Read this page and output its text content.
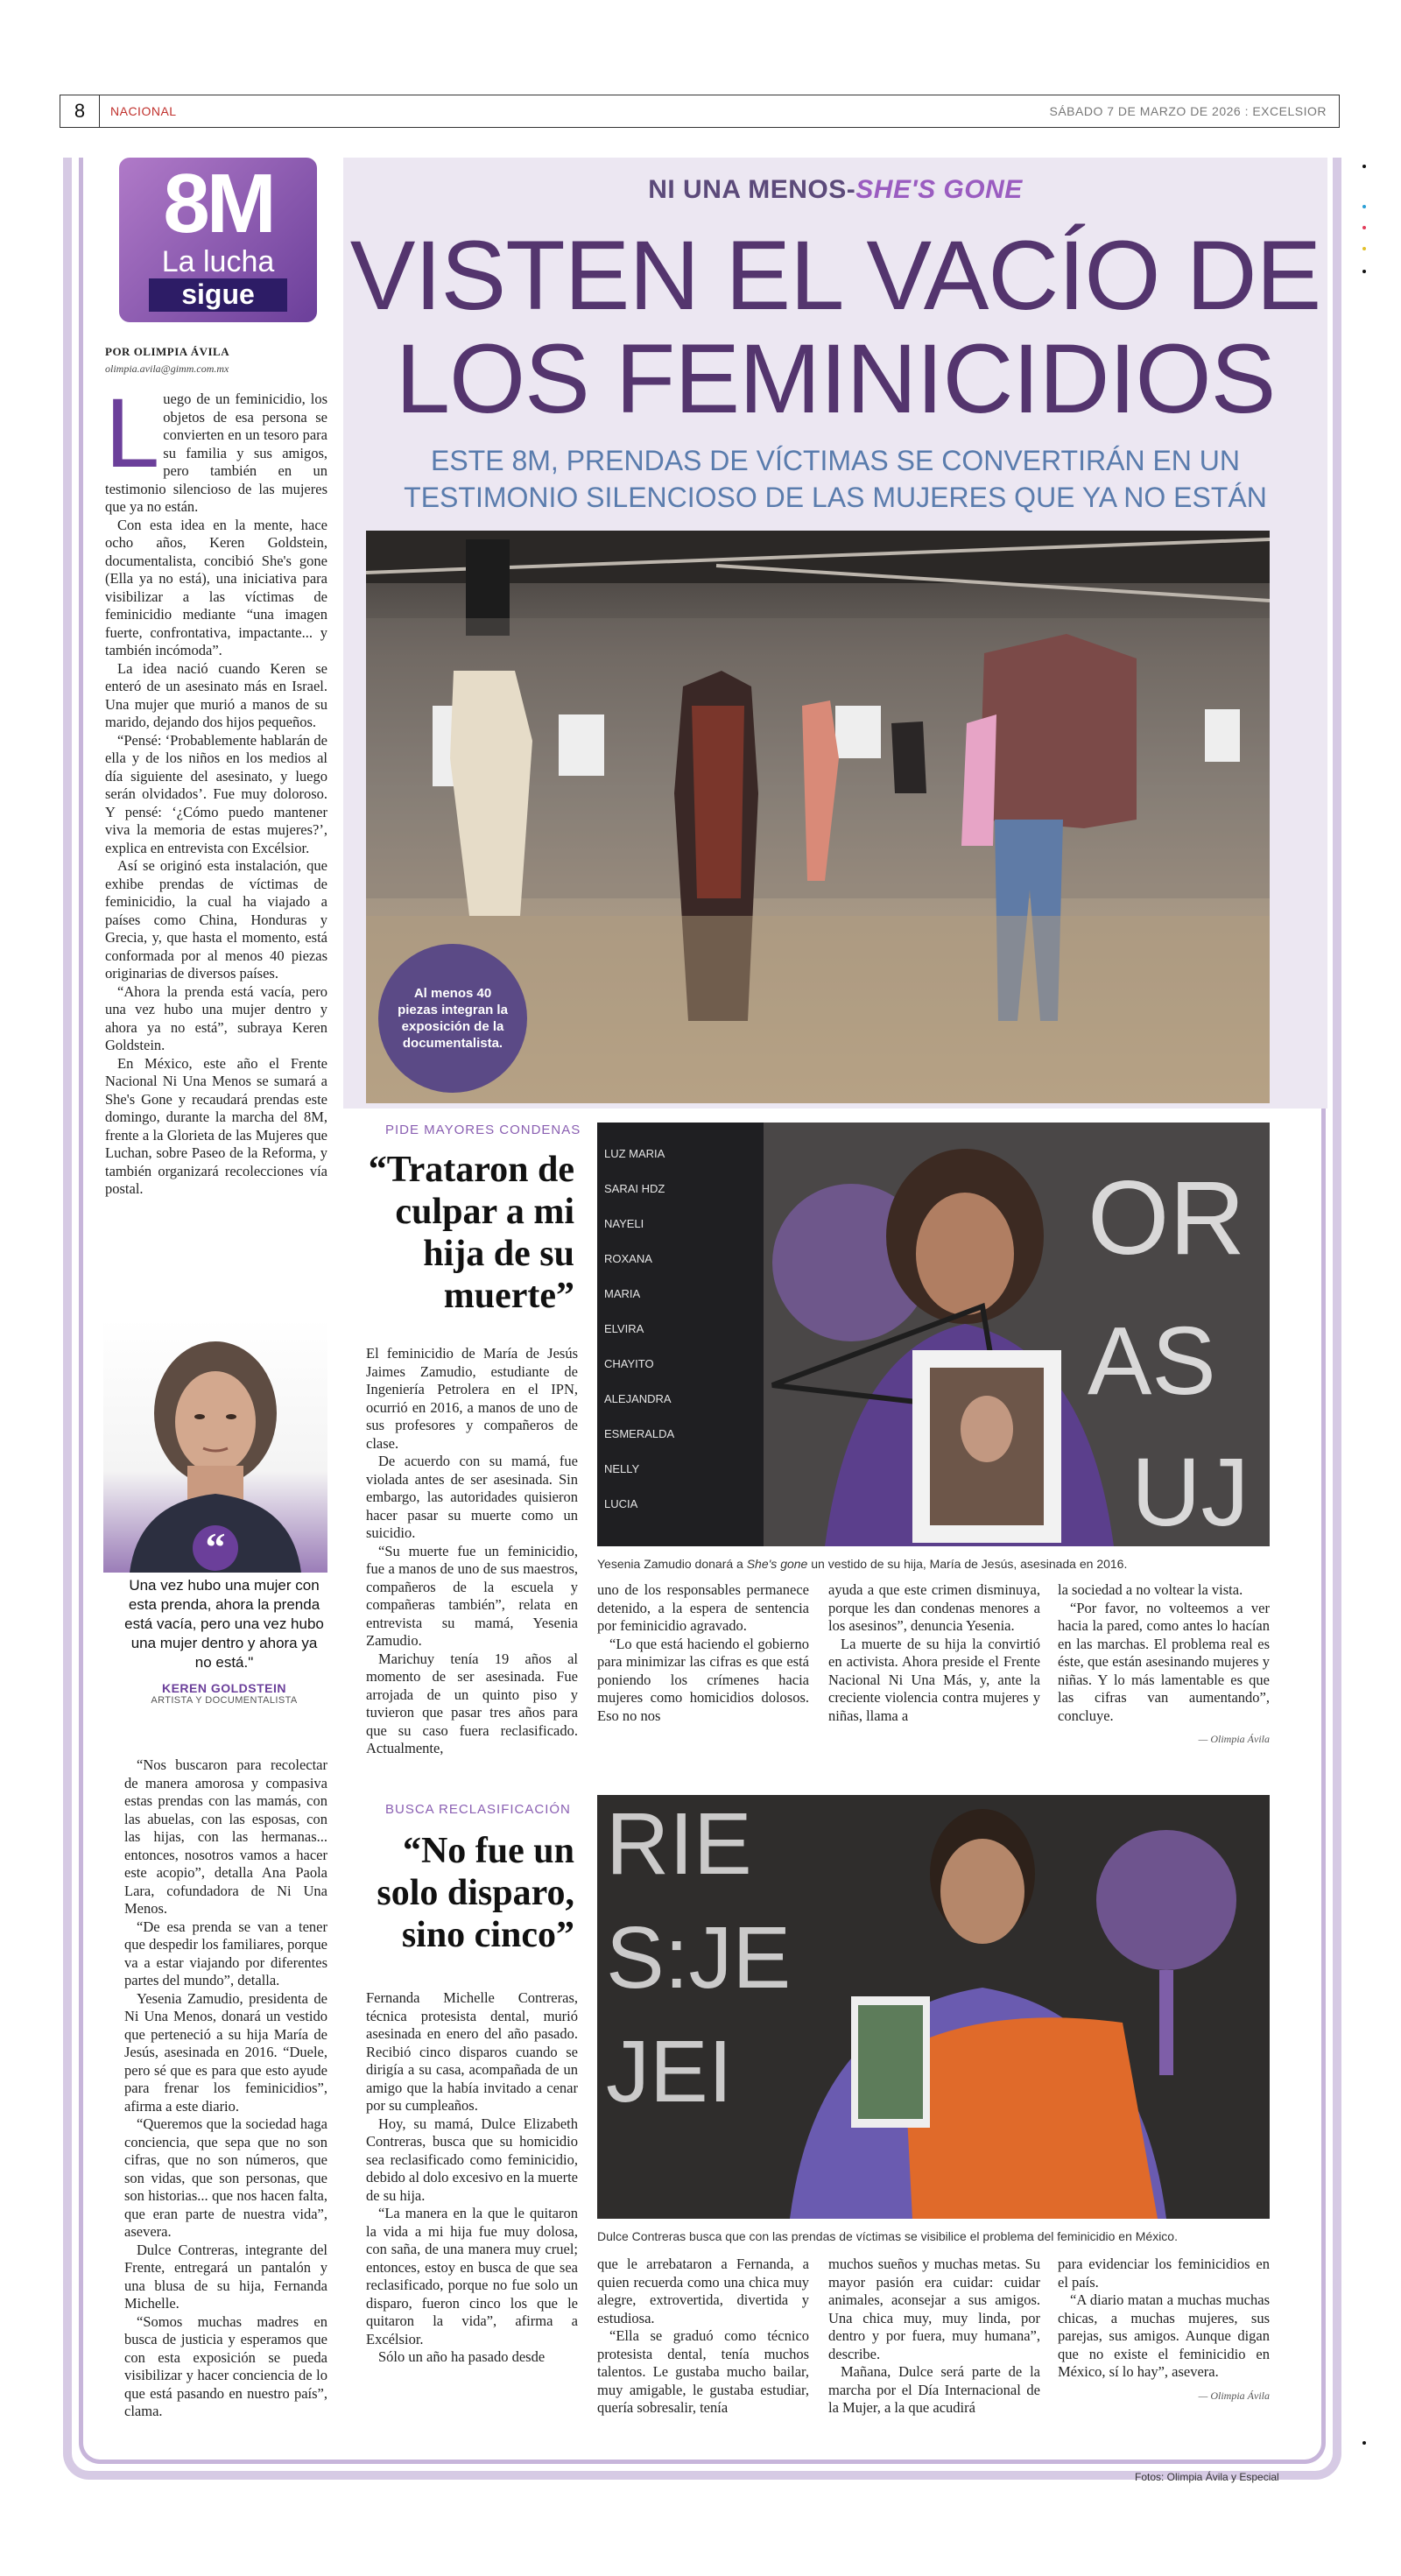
8	NACIONAL	SÁBADO 7 DE MARZO DE 2026 : EXCELSIOR
8M
La lucha
sigue
POR OLIMPIA ÁVILA
olimpia.avila@gimm.com.mx

Luego de un feminicidio, los objetos de esa persona se convierten en un tesoro para su familia y sus amigos, pero también en un testimonio silencioso de las mujeres que ya no están.

Con esta idea en la mente, hace ocho años, Keren Goldstein, documentalista, concibió She's gone (Ella ya no está), una iniciativa para visibilizar a las víctimas de feminicidio mediante “una imagen fuerte, confrontativa, impactante... y también incómoda”.

La idea nació cuando Keren se enteró de un asesinato más en Israel. Una mujer que murió a manos de su marido, dejando dos hijos pequeños.

“Pensé: ‘Probablemente hablarán de ella y de los niños en los medios al día siguiente del asesinato, y luego serán olvidados’. Fue muy doloroso. Y pensé: ‘¿Cómo puedo mantener viva la memoria de estas mujeres?’, explica en entrevista con Excélsior.

Así se originó esta instalación, que exhibe prendas de víctimas de feminicidio, la cual ha viajado a países como China, Honduras y Grecia, y, que hasta el momento, está conformada por al menos 40 piezas originarias de diversos países.

“Ahora la prenda está vacía, pero una vez hubo una mujer dentro y ahora ya no está”, subraya Keren Goldstein.

En México, este año el Frente Nacional Ni Una Menos se sumará a She's Gone y recaudará prendas este domingo, durante la marcha del 8M, frente a la Glorieta de las Mujeres que Luchan, sobre Paseo de la Reforma, y también organizará recolecciones vía postal.

“
Una vez hubo una mujer con esta prenda, ahora la prenda está vacía, pero una vez hubo una mujer dentro y ahora ya no está."
KEREN GOLDSTEIN
ARTISTA Y DOCUMENTALISTA

“Nos buscaron para recolectar de manera amorosa y compasiva estas prendas con las mamás, con las abuelas, con las esposas, con las hijas, con las hermanas... entonces, nosotros vamos a hacer este acopio”, detalla Ana Paola Lara, cofundadora de Ni Una Menos.

“De esa prenda se van a tener que despedir los familiares, porque va a estar viajando por diferentes partes del mundo”, detalla.

Yesenia Zamudio, presidenta de Ni Una Menos, donará un vestido que perteneció a su hija María de Jesús, asesinada en 2016. “Duele, pero sé que es para que esto ayude para frenar los feminicidios”, afirma a este diario.

“Queremos que la sociedad haga conciencia, que sepa que no son cifras, que no son números, que son vidas, que son personas, que son historias... que nos hacen falta, que eran parte de nuestra vida”, asevera.

Dulce Contreras, integrante del Frente, entregará un pantalón y una blusa de su hija, Fernanda Michelle.

“Somos muchas madres en busca de justicia y esperamos que con esta exposición se pueda visibilizar y hacer conciencia de lo que está pasando en nuestro país”, clama.

NI UNA MENOS-SHE'S GONE
VISTEN EL VACÍO DE
LOS FEMINICIDIOS
ESTE 8M, PRENDAS DE VÍCTIMAS SE CONVERTIRÁN EN UN
TESTIMONIO SILENCIOSO DE LAS MUJERES QUE YA NO ESTÁN
Al menos 40 piezas integran la exposición de la documentalista.
PIDE MAYORES CONDENAS
“Trataron de culpar a mi hija de su muerte”
LUZ MARIA
SARAI HDZ
NAYELI
ROXANA
MARIA
ELVIRA
CHAYITO
ALEJANDRA
ESMERALDA
NELLY
LUCIA
OR
AS
UJ
Yesenia Zamudio donará a She's gone un vestido de su hija, María de Jesús, asesinada en 2016.

El feminicidio de María de Jesús Jaimes Zamudio, estudiante de Ingeniería Petrolera en el IPN, ocurrió en 2016, a manos de uno de sus profesores y compañeros de clase.

De acuerdo con su mamá, fue violada antes de ser asesinada. Sin embargo, las autoridades quisieron hacer pasar su muerte como un suicidio.

“Su muerte fue un feminicidio, fue a manos de uno de sus maestros, compañeros de la escuela y compañeras también”, relata en entrevista su mamá, Yesenia Zamudio.

Marichuy tenía 19 años al momento de ser asesinada. Fue arrojada de un quinto piso y tuvieron que pasar tres años para que su caso fuera reclasificado. Actualmente,

uno de los responsables permanece detenido, a la espera de sentencia por feminicidio agravado.

“Lo que está haciendo el gobierno para minimizar las cifras es que está poniendo los crímenes hacia mujeres como homicidios dolosos. Eso no nos

ayuda a que este crimen disminuya, porque les dan condenas menores a los asesinos”, denuncia Yesenia.

La muerte de su hija la convirtió en activista. Ahora preside el Frente Nacional Ni Una Más, y, ante la creciente violencia contra mujeres y niñas, llama a

la sociedad a no voltear la vista.

“Por favor, no volteemos a ver hacia la pared, como antes lo hacían en las marchas. El problema real es éste, que están asesinando mujeres y niñas. Y lo más lamentable es que las cifras van aumentando”, concluye.

— Olimpia Ávila
BUSCA RECLASIFICACIÓN
“No fue un solo disparo, sino cinco”
RIE
S:JE
JEI
Dulce Contreras busca que con las prendas de víctimas se visibilice el problema del feminicidio en México.

Fernanda Michelle Contreras, técnica protesista dental, murió asesinada en enero del año pasado. Recibió cinco disparos cuando se dirigía a su casa, acompañada de un amigo que la había invitado a cenar por su cumpleaños.

Hoy, su mamá, Dulce Elizabeth Contreras, busca que su homicidio sea reclasificado como feminicidio, debido al dolo excesivo en la muerte de su hija.

“La manera en la que le quitaron la vida a mi hija fue muy dolosa, con saña, de una manera muy cruel; entonces, estoy en busca de que sea reclasificado, porque no fue solo un disparo, fueron cinco los que le quitaron la vida”, afirma a Excélsior.

Sólo un año ha pasado desde

que le arrebataron a Fernanda, a quien recuerda como una chica muy alegre, extrovertida, divertida y estudiosa.

“Ella se graduó como técnico protesista dental, tenía muchos talentos. Le gustaba mucho bailar, muy amigable, le gustaba estudiar, quería sobresalir, tenía

muchos sueños y muchas metas. Su mayor pasión era cuidar: cuidar animales, aconsejar a sus amigos. Una chica muy, muy linda, por dentro y por fuera, muy humana”, describe.

Mañana, Dulce será parte de la marcha por el Día Internacional de la Mujer, a la que acudirá

para evidenciar los feminicidios en el país.

“A diario matan a muchas muchas chicas, a muchas mujeres, sus parejas, sus amigos. Aunque digan que no existe el feminicidio en México, sí lo hay”, asevera.

— Olimpia Ávila
Fotos: Olimpia Ávila y Especial
